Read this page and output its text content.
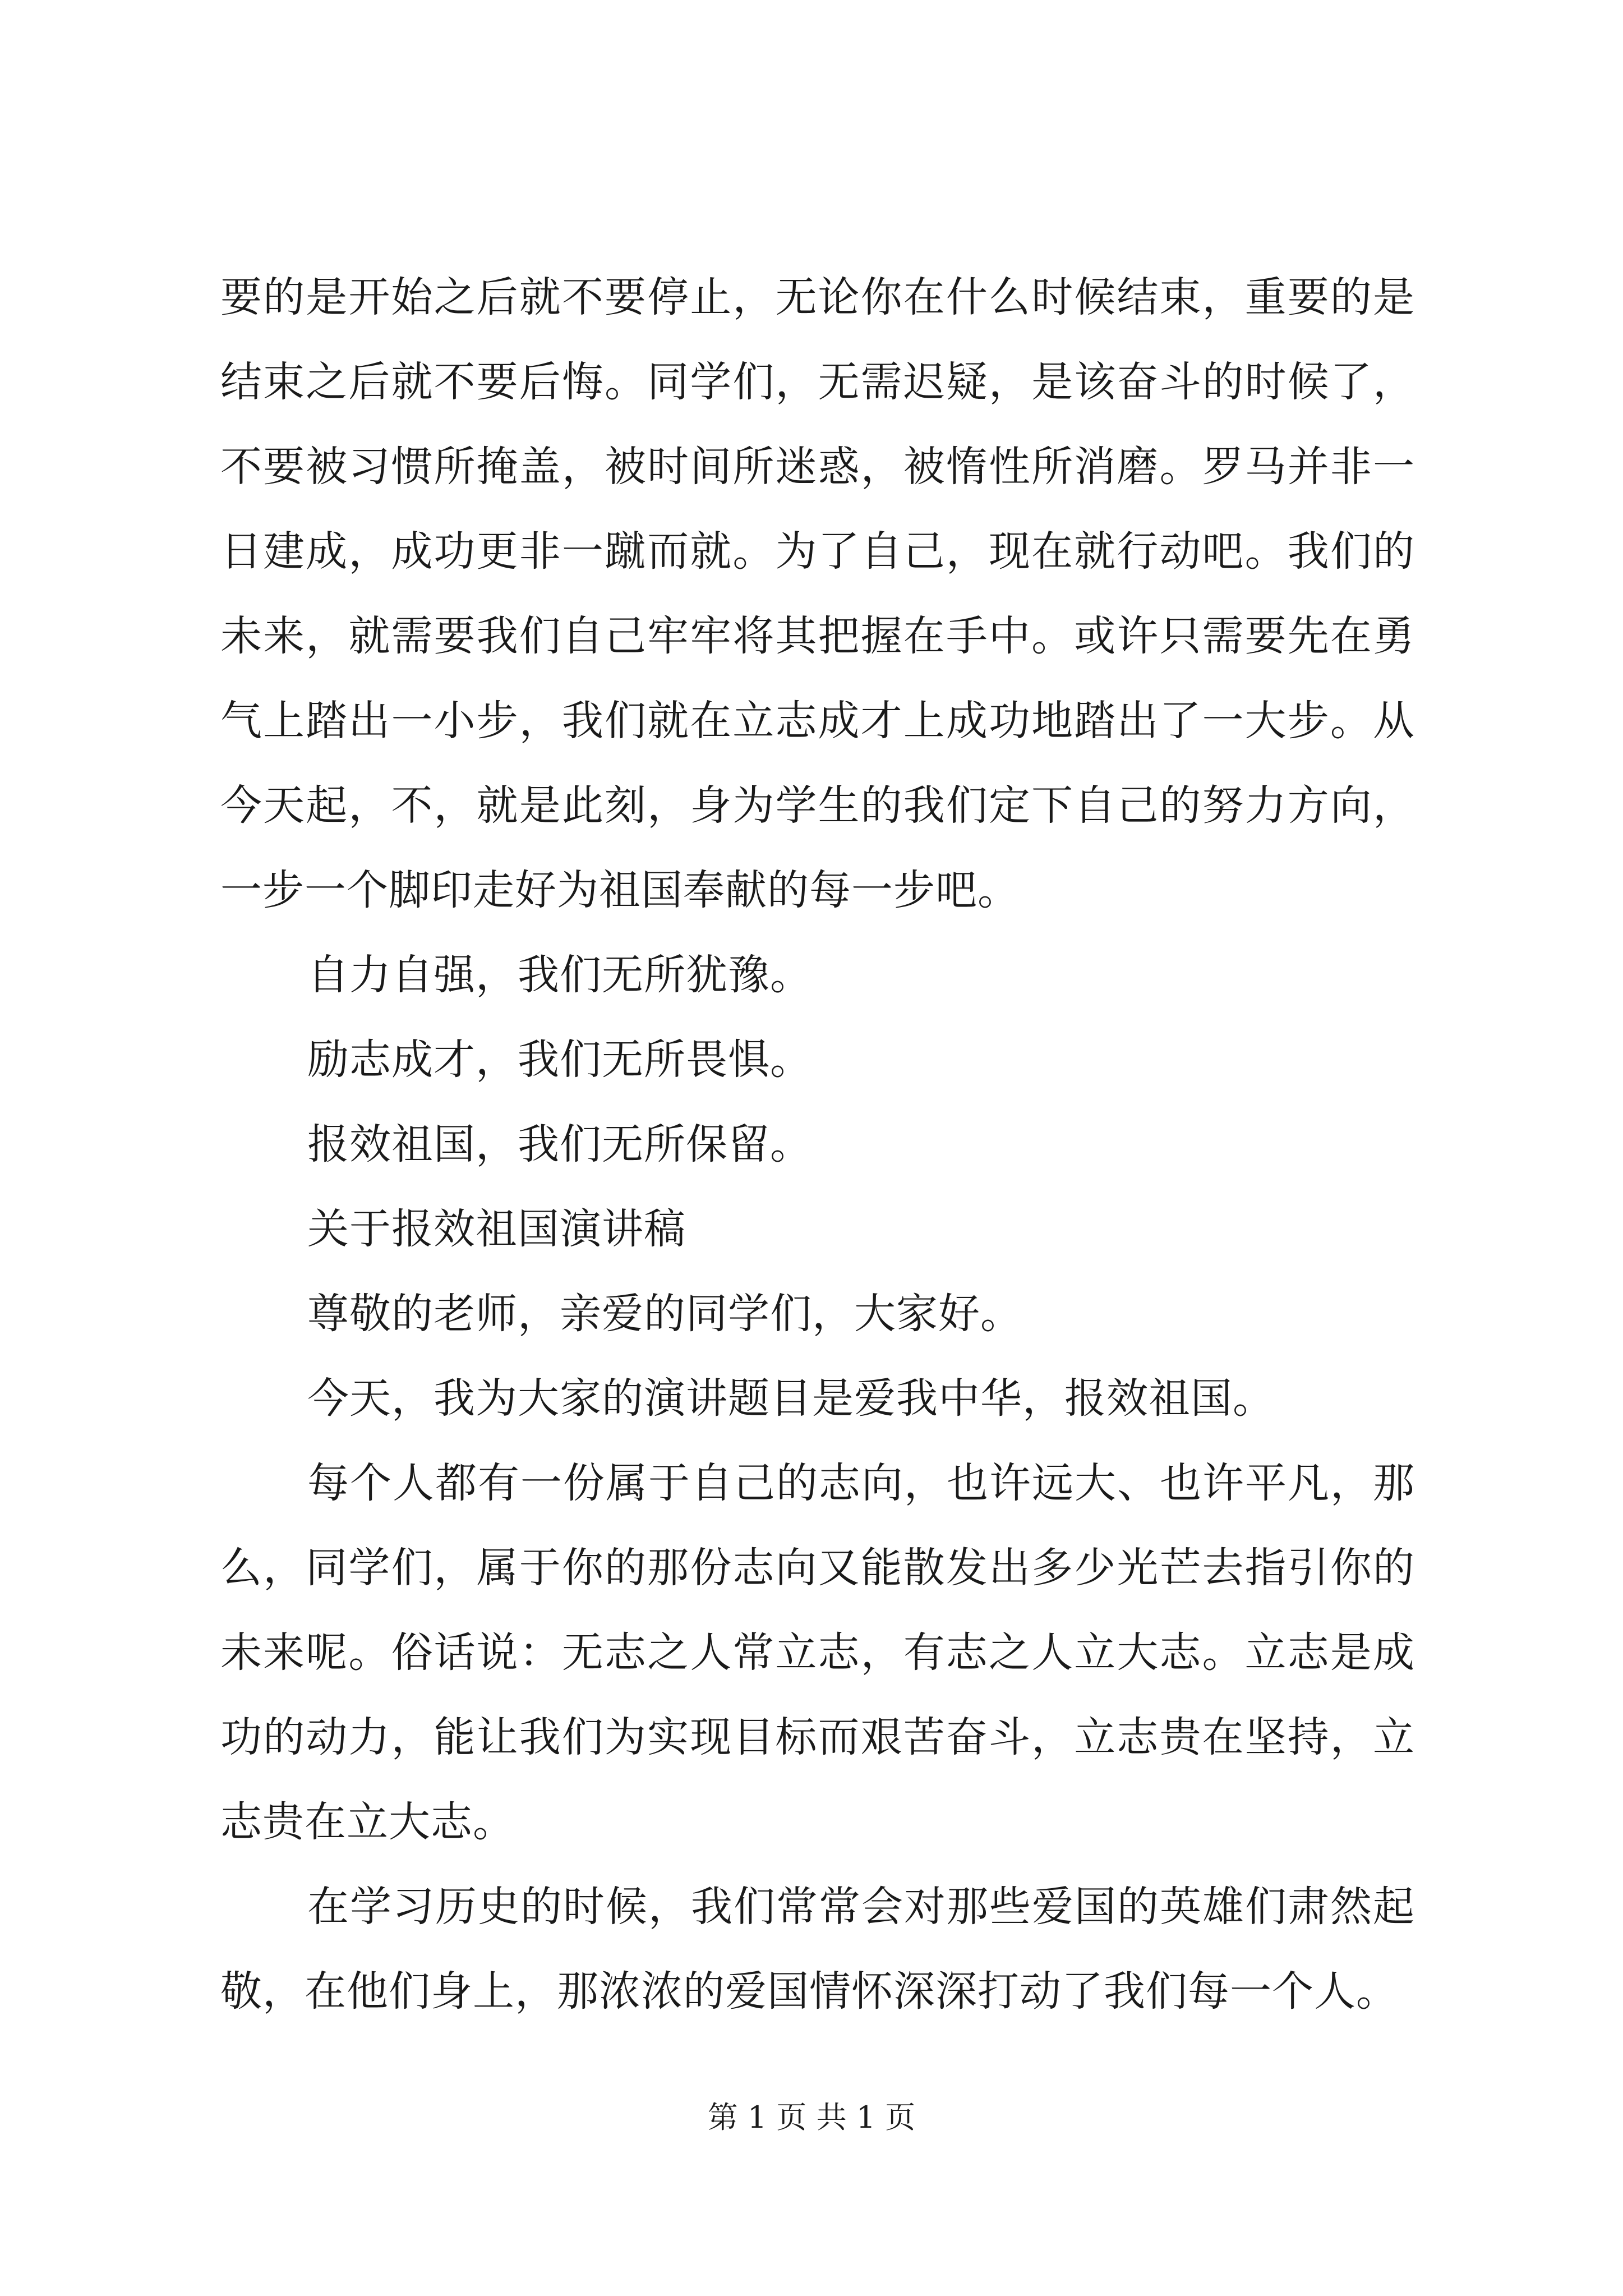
要的是开始之后就不要停止，无论你在什么时候结束，重要的是结束之后就不要后悔。同学们，无需迟疑，是该奋斗的时候了，不要被习惯所掩盖，被时间所迷惑，被惰性所消磨。罗马并非一日建成，成功更非一蹴而就。为了自己，现在就行动吧。我们的未来，就需要我们自己牢牢将其把握在手中。或许只需要先在勇气上踏出一小步，我们就在立志成才上成功地踏出了一大步。从今天起，不，就是此刻，身为学生的我们定下自己的努力方向，一步一个脚印走好为祖国奉献的每一步吧。

自力自强，我们无所犹豫。

励志成才，我们无所畏惧。

报效祖国，我们无所保留。

关于报效祖国演讲稿

尊敬的老师，亲爱的同学们，大家好。

今天，我为大家的演讲题目是爱我中华，报效祖国。

每个人都有一份属于自己的志向，也许远大、也许平凡，那么，同学们，属于你的那份志向又能散发出多少光芒去指引你的未来呢。俗话说：无志之人常立志，有志之人立大志。立志是成功的动力，能让我们为实现目标而艰苦奋斗，立志贵在坚持，立志贵在立大志。

在学习历史的时候，我们常常会对那些爱国的英雄们肃然起敬，在他们身上，那浓浓的爱国情怀深深打动了我们每一个人。

第 1 页 共 1 页
